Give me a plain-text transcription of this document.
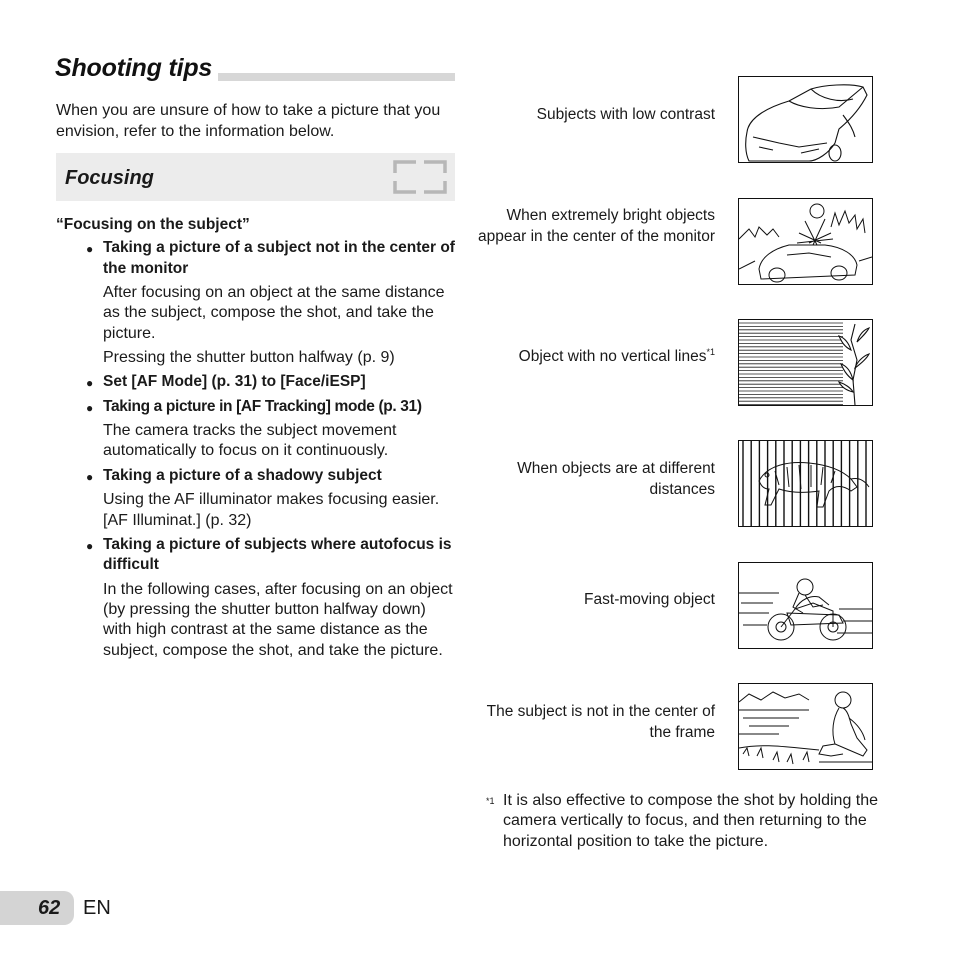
Shooting tips

When you are unsure of how to take a picture that you envision, refer to the information below.

Focusing

“Focusing on the subject”

● Taking a picture of a subject not in the center of the monitor

After focusing on an object at the same distance as the subject, compose the shot, and take the picture.

Pressing the shutter button halfway (p. 9)

● Set [AF Mode] (p. 31) to [Face/iESP]

● Taking a picture in [AF Tracking] mode (p. 31)

The camera tracks the subject movement automatically to focus on it continuously.

● Taking a picture of a shadowy subject

Using the AF illuminator makes focusing easier. [AF Illuminat.] (p. 32)

● Taking a picture of subjects where autofocus is difficult

In the following cases, after focusing on an object (by pressing the shutter button halfway down) with high contrast at the same distance as the subject, compose the shot, and take the picture.

Subjects with low contrast

When extremely bright objects appear in the center of the monitor

Object with no vertical lines$^{*1}$

When objects are at different distances

Fast-moving object

The subject is not in the center of the frame

*1 It is also effective to compose the shot by holding the camera vertically to focus, and then returning to the horizontal position to take the picture.
62 EN
